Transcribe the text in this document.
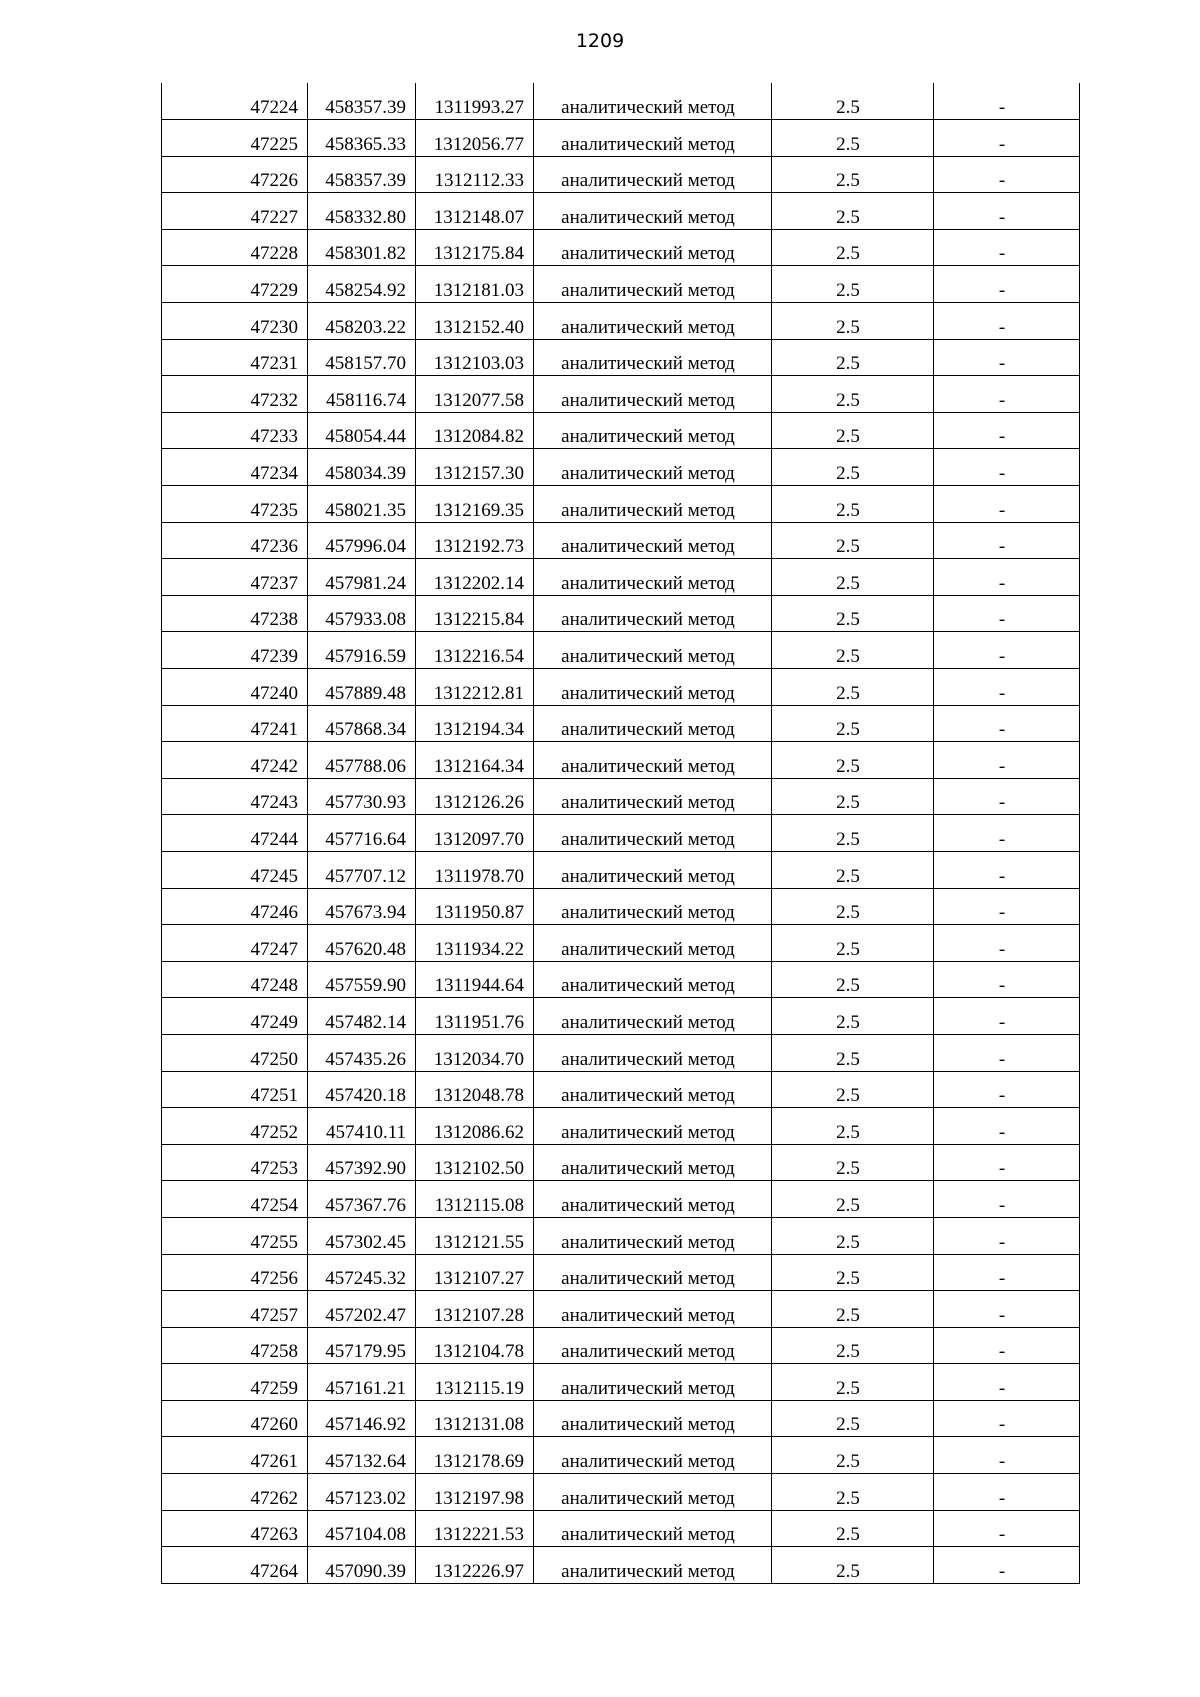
1209
47224	458357.39	1311993.27	аналитический метод	2.5	-
47225	458365.33	1312056.77	аналитический метод	2.5	-
47226	458357.39	1312112.33	аналитический метод	2.5	-
47227	458332.80	1312148.07	аналитический метод	2.5	-
47228	458301.82	1312175.84	аналитический метод	2.5	-
47229	458254.92	1312181.03	аналитический метод	2.5	-
47230	458203.22	1312152.40	аналитический метод	2.5	-
47231	458157.70	1312103.03	аналитический метод	2.5	-
47232	458116.74	1312077.58	аналитический метод	2.5	-
47233	458054.44	1312084.82	аналитический метод	2.5	-
47234	458034.39	1312157.30	аналитический метод	2.5	-
47235	458021.35	1312169.35	аналитический метод	2.5	-
47236	457996.04	1312192.73	аналитический метод	2.5	-
47237	457981.24	1312202.14	аналитический метод	2.5	-
47238	457933.08	1312215.84	аналитический метод	2.5	-
47239	457916.59	1312216.54	аналитический метод	2.5	-
47240	457889.48	1312212.81	аналитический метод	2.5	-
47241	457868.34	1312194.34	аналитический метод	2.5	-
47242	457788.06	1312164.34	аналитический метод	2.5	-
47243	457730.93	1312126.26	аналитический метод	2.5	-
47244	457716.64	1312097.70	аналитический метод	2.5	-
47245	457707.12	1311978.70	аналитический метод	2.5	-
47246	457673.94	1311950.87	аналитический метод	2.5	-
47247	457620.48	1311934.22	аналитический метод	2.5	-
47248	457559.90	1311944.64	аналитический метод	2.5	-
47249	457482.14	1311951.76	аналитический метод	2.5	-
47250	457435.26	1312034.70	аналитический метод	2.5	-
47251	457420.18	1312048.78	аналитический метод	2.5	-
47252	457410.11	1312086.62	аналитический метод	2.5	-
47253	457392.90	1312102.50	аналитический метод	2.5	-
47254	457367.76	1312115.08	аналитический метод	2.5	-
47255	457302.45	1312121.55	аналитический метод	2.5	-
47256	457245.32	1312107.27	аналитический метод	2.5	-
47257	457202.47	1312107.28	аналитический метод	2.5	-
47258	457179.95	1312104.78	аналитический метод	2.5	-
47259	457161.21	1312115.19	аналитический метод	2.5	-
47260	457146.92	1312131.08	аналитический метод	2.5	-
47261	457132.64	1312178.69	аналитический метод	2.5	-
47262	457123.02	1312197.98	аналитический метод	2.5	-
47263	457104.08	1312221.53	аналитический метод	2.5	-
47264	457090.39	1312226.97	аналитический метод	2.5	-
